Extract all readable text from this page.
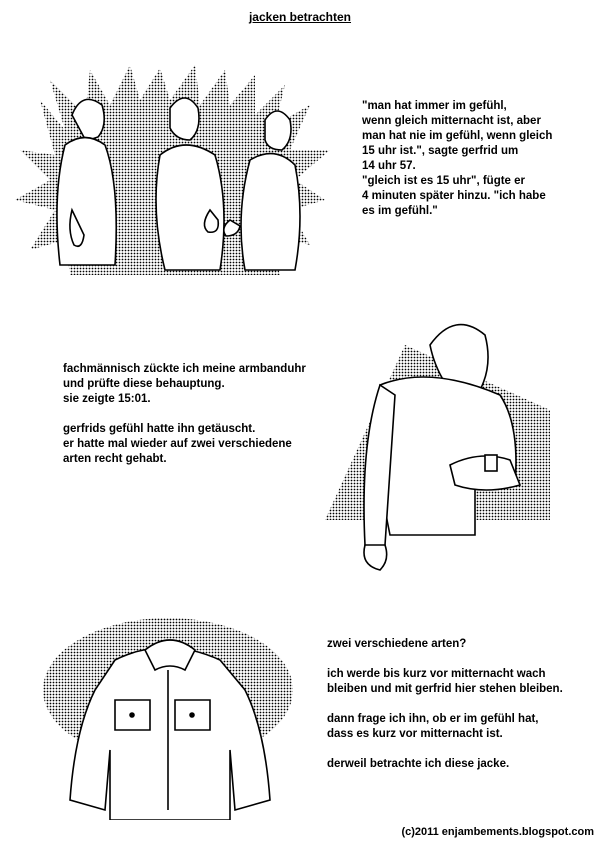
jacken betrachten

"man hat immer im gefühl,

wenn gleich mitternacht ist, aber

man hat nie im gefühl, wenn gleich

15 uhr ist.", sagte gerfrid um

14 uhr 57.

"gleich ist es 15 uhr", fügte er

4 minuten später hinzu. "ich habe

es im gefühl."

fachmännisch zückte ich meine armbanduhr

und prüfte diese behauptung.

sie zeigte 15:01.

gerfrids gefühl hatte ihn getäuscht.

er hatte mal wieder auf zwei verschiedene

arten recht gehabt.

zwei verschiedene arten?

ich werde bis kurz vor mitternacht wach

bleiben und mit gerfrid hier stehen bleiben.

dann frage ich ihn, ob er im gefühl hat,

dass es kurz vor mitternacht ist.

derweil betrachte ich diese jacke.

(c)2011 enjambements.blogspot.com
